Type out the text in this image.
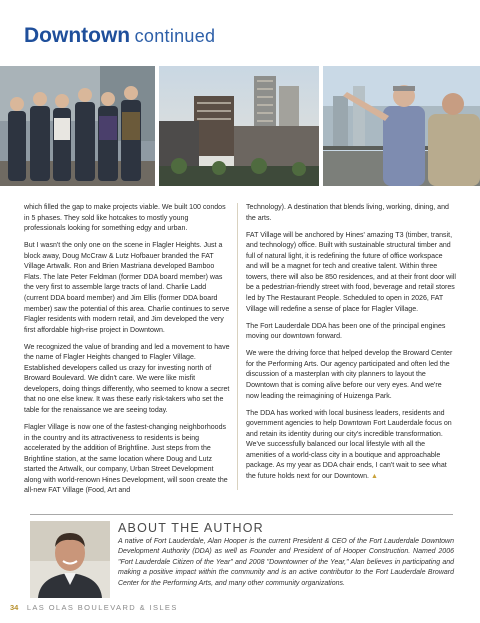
Downtown continued

which filled the gap to make projects viable. We built 100 condos in 5 phases. They sold like hotcakes to mostly young professionals looking for something edgy and urban.

But I wasn't the only one on the scene in Flagler Heights. Just a block away, Doug McCraw & Lutz Hofbauer branded the FAT Village Artwalk. Ron and Brien Mastriana developed Bamboo Flats. The late Peter Feldman (former DDA board member) was the very first to assemble large tracts of land. Charlie Ladd (current DDA board member) and Jim Ellis (former DDA board member) saw the potential of this area. Charlie continues to serve Flagler residents with modern retail, and Jim developed the very first affordable high-rise project in Downtown.

We recognized the value of branding and led a movement to have the name of Flagler Heights changed to Flagler Village. Established developers called us crazy for investing north of Broward Boulevard. We didn't care. We were like misfit developers, doing things differently, who seemed to know a secret that no one else knew. It was these early risk-takers who set the table for the renaissance we are seeing today.

Flagler Village is now one of the fastest-changing neighborhoods in the country and its attractiveness to residents is being accelerated by the addition of Brightline. Just steps from the Brightline station, at the same location where Doug and Lutz started the Artwalk, our company, Urban Street Development along with world-renown Hines Development, will soon create the all-new FAT Village (Food, Art and

Technology). A destination that blends living, working, dining, and the arts.

FAT Village will be anchored by Hines' amazing T3 (timber, transit, and technology) office. Built with sustainable structural timber and full of natural light, it is redefining the future of office workspace and will be a magnet for tech and creative talent. Within three towers, there will also be 850 residences, and at their front door will be a pedestrian-friendly street with food, beverage and retail stores led by The Restaurant People. Scheduled to open in 2026, FAT Village will redefine a sense of place for Flagler Village.

The Fort Lauderdale DDA has been one of the principal engines moving our downtown forward.

We were the driving force that helped develop the Broward Center for the Performing Arts. Our agency participated and often led the discussion of a masterplan with city planners to layout the Downtown that is coming alive before our very eyes. And we're now leading the reimagining of Huizenga Park.

The DDA has worked with local business leaders, residents and government agencies to help Downtown Fort Lauderdale focus on and retain its identity during our city's incredible transformation. We've successfully balanced our local lifestyle with all the amenities of a world-class city in a boutique and approachable package. As my year as DDA chair ends, I can't wait to see what the future holds next for our Downtown. ▲

ABOUT THE AUTHOR
A native of Fort Lauderdale, Alan Hooper is the current President & CEO of the Fort Lauderdale Downtown Development Authority (DDA) as well as Founder and President of of Hooper Construction. Named 2006 "Fort Lauderdale Citizen of the Year" and 2008 "Downtowner of the Year," Alan believes in participating and making a positive impact within the community and is an active contributor to the Fort Lauderdale Broward Center for the Performing Arts, and many other community organizations.
34 LAS OLAS BOULEVARD & ISLES
